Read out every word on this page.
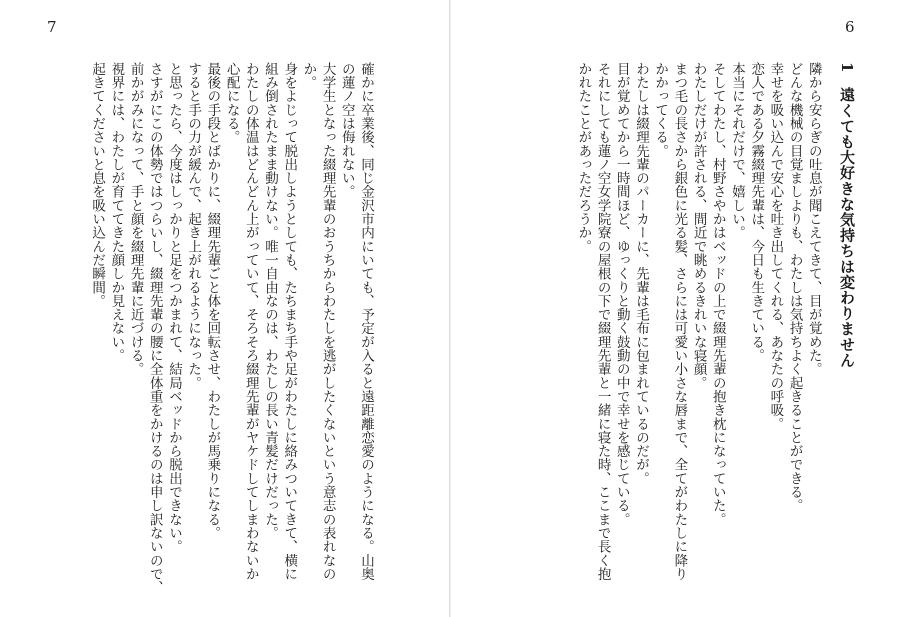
7

確かに卒業後、同じ金沢市内にいても、予定が入ると遠距離恋愛のようになる。山奥

の蓮ノ空は侮れない。

大学生となった綴理先輩のおうちからわたしを逃がしたくないという意志の表れなの

か。

身をよじって脱出しようとしても、たちまち手や足がわたしに絡みついてきて、横に

組み倒されたまま動けない。唯一自由なのは、わたしの長い青髪だけだった。

わたしの体温はどんどん上がっていて、そろそろ綴理先輩がヤケドしてしまわないか

心配になる。

最後の手段とばかりに、綴理先輩ごと体を回転させ、わたしが馬乗りになる。

すると手の力が緩んで、起き上がれるようになった。

と思ったら、今度はしっかりと足をつかまれて、結局ベッドから脱出できない。

さすがにこの体勢ではつらいし、綴理先輩の腰に全体重をかけるのは申し訳ないので、

前かがみになって、手と顔を綴理先輩に近づける。

視界には、わたしが育ててきた顔しか見えない。

起きてくださいと息を吸い込んだ瞬間。

6

1遠くても大好きな気持ちは変わりません

隣から安らぎの吐息が聞こえてきて、目が覚めた。

どんな機械の目覚ましよりも、わたしは気持ちよく起きることができる。

幸せを吸い込んで安心を吐き出してくれる、あなたの呼吸。

恋人である夕霧綴理先輩は、今日も生きている。

本当にそれだけで、嬉しい。

そしてわたし、村野さやかはベッドの上で綴理先輩の抱き枕になっていた。

わたしだけが許される、間近で眺めるきれいな寝顔。

まつ毛の長さから銀色に光る髪、さらには可愛い小さな唇まで、全てがわたしに降り

かかってくる。

わたしは綴理先輩のパーカーに、先輩は毛布に包まれているのだが。

目が覚めてから一時間ほど、ゆっくりと動く鼓動の中で幸せを感じている。

それにしても蓮ノ空女学院寮の屋根の下で綴理先輩と一緒に寝た時、ここまで長く抱

かれたことがあっただろうか。
